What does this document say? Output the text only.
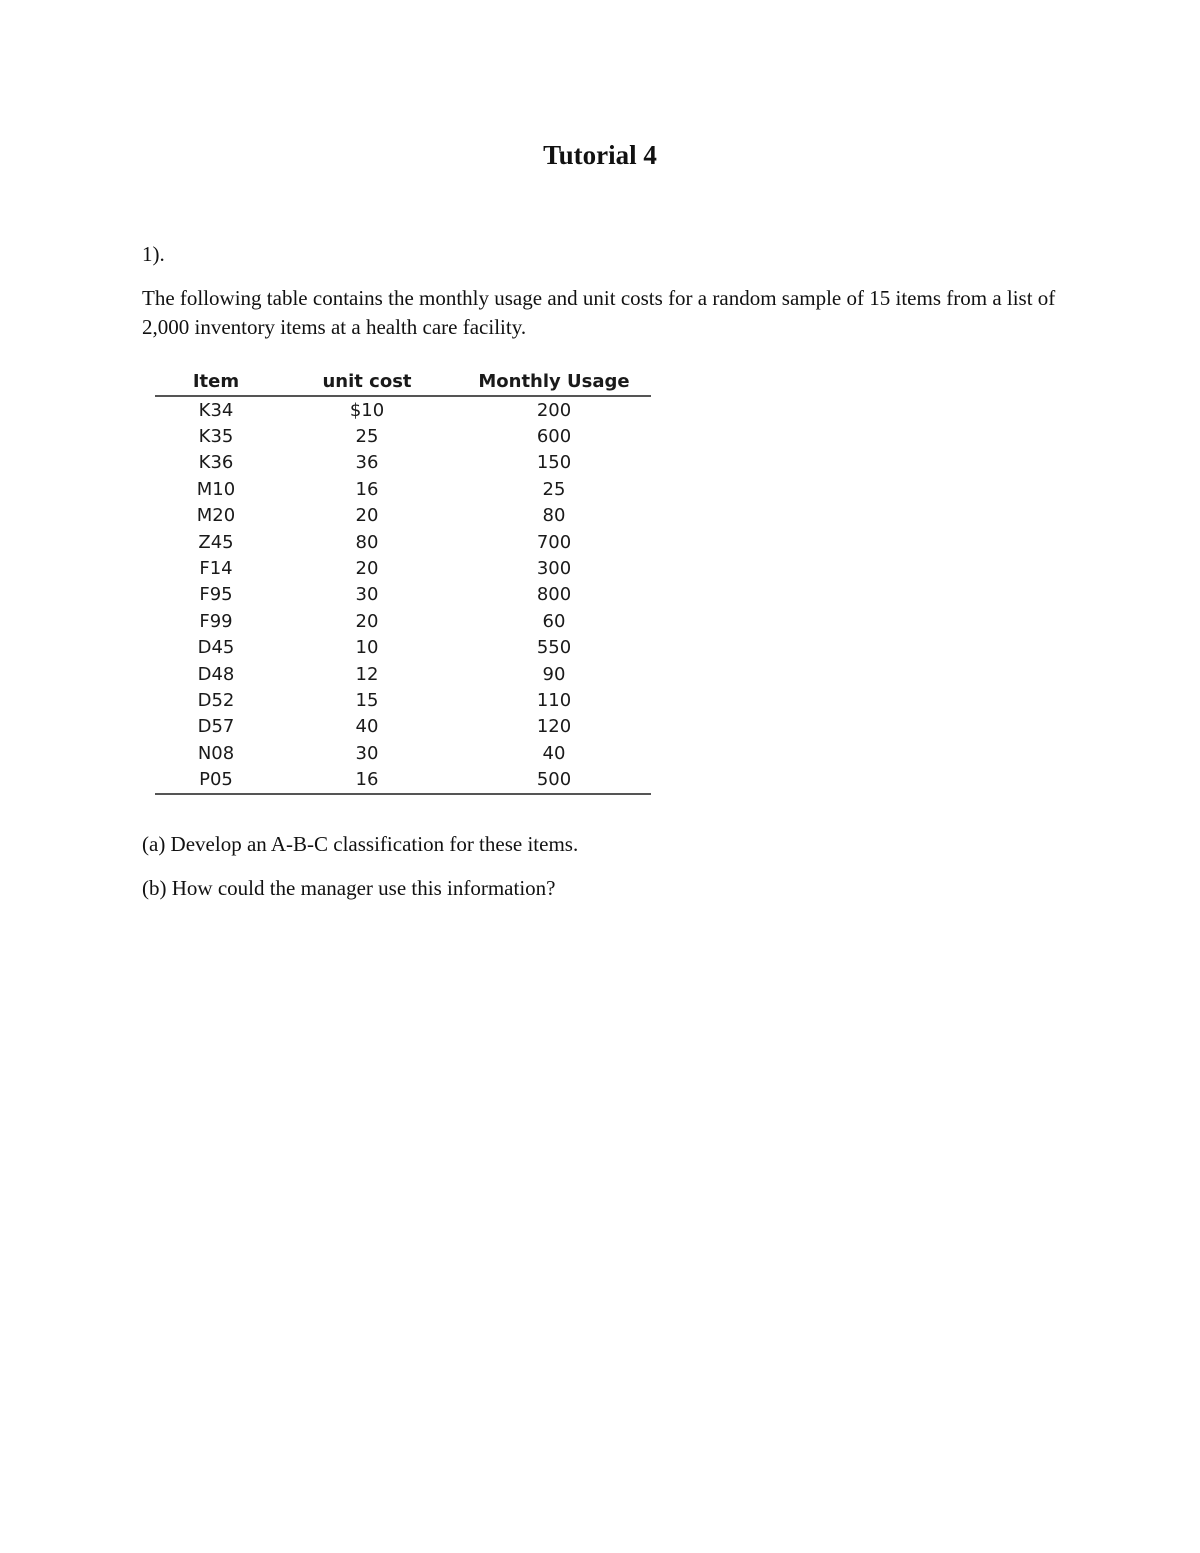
Tutorial 4
1).
The following table contains the monthly usage and unit costs for a random sample of 15 items from a list of 2,000 inventory items at a health care facility.
Item	unit cost	Monthly Usage
K34	$10	200
K35	25	600
K36	36	150
M10	16	25
M20	20	80
Z45	80	700
F14	20	300
F95	30	800
F99	20	60
D45	10	550
D48	12	90
D52	15	110
D57	40	120
N08	30	40
P05	16	500
(a) Develop an A-B-C classification for these items.
(b) How could the manager use this information?
